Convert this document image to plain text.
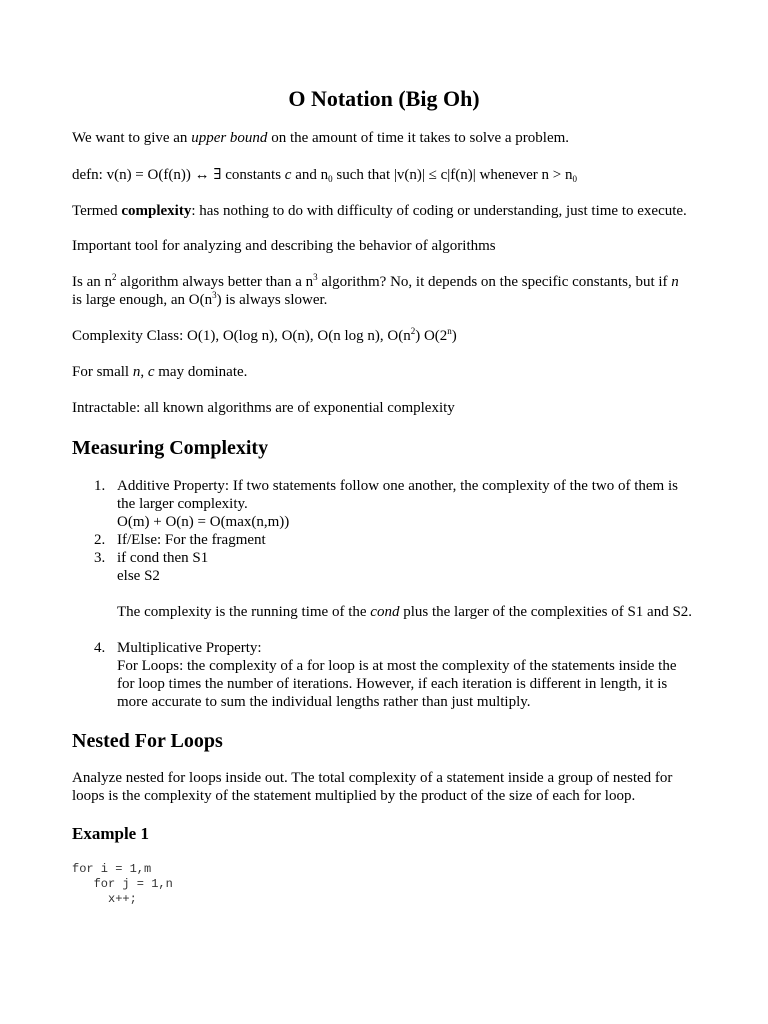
O Notation (Big Oh)

We want to give an upper bound on the amount of time it takes to solve a problem.

defn: v(n) = O(f(n)) ↔ ∃ constants c and $n_0$ such that |v(n)| ≤ c|f(n)| whenever $n > n_0$

Termed complexity: has nothing to do with difficulty of coding or understanding, just time to execute.

Important tool for analyzing and describing the behavior of algorithms

Is an $n^2$ algorithm always better than a $n^3$ algorithm? No, it depends on the specific constants, but if n
is large enough, an $O(n^3)$ is always slower.

Complexity Class: O(1), O(log n), O(n), O(n log n), $O(n^2)$ O(2$^n$)

For small n, c may dominate.

Intractable: all known algorithms are of exponential complexity

Measuring Complexity
1. Additive Property: If two statements follow one another, the complexity of the two of them is
the larger complexity.
O(m) + O(n) = O(max(n,m))
2. If/Else: For the fragment
3. if cond then S1
else S2
The complexity is the running time of the cond plus the larger of the complexities of S1 and S2.
4. Multiplicative Property:
For Loops: the complexity of a for loop is at most the complexity of the statements inside the
for loop times the number of iterations. However, if each iteration is different in length, it is
more accurate to sum the individual lengths rather than just multiply.
Nested For Loops

Analyze nested for loops inside out. The total complexity of a statement inside a group of nested for
loops is the complexity of the statement multiplied by the product of the size of each for loop.

Example 1
for i = 1,m
for j = 1,n
x++;
